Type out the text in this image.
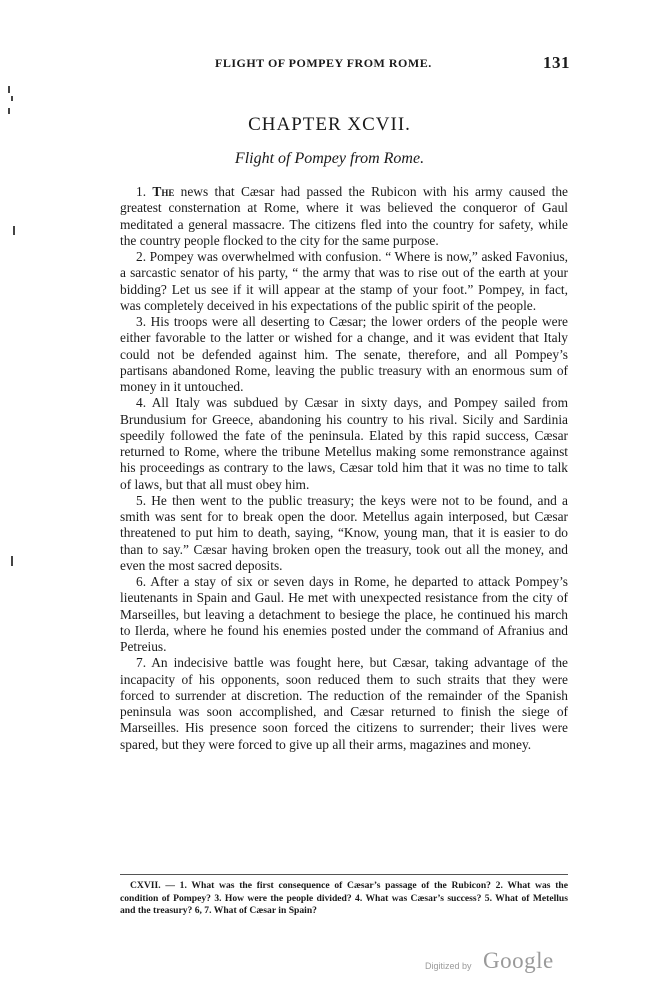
FLIGHT OF POMPEY FROM ROME.	131
CHAPTER XCVII.
Flight of Pompey from Rome.

1. The news that Cæsar had passed the Rubicon with his army caused the greatest consternation at Rome, where it was believed the conqueror of Gaul meditated a general massacre. The citizens fled into the country for safety, while the country people flocked to the city for the same purpose.

2. Pompey was overwhelmed with confusion. “ Where is now,” asked Favonius, a sarcastic senator of his party, “ the army that was to rise out of the earth at your bidding? Let us see if it will appear at the stamp of your foot.” Pompey, in fact, was completely deceived in his expectations of the public spirit of the people.

3. His troops were all deserting to Cæsar; the lower orders of the people were either favorable to the latter or wished for a change, and it was evident that Italy could not be defended against him. The senate, therefore, and all Pompey’s partisans abandoned Rome, leaving the public treasury with an enormous sum of money in it untouched.

4. All Italy was subdued by Cæsar in sixty days, and Pompey sailed from Brundusium for Greece, abandoning his country to his rival. Sicily and Sardinia speedily followed the fate of the peninsula. Elated by this rapid success, Cæsar returned to Rome, where the tribune Metellus making some remonstrance against his proceedings as contrary to the laws, Cæsar told him that it was no time to talk of laws, but that all must obey him.

5. He then went to the public treasury; the keys were not to be found, and a smith was sent for to break open the door. Metellus again interposed, but Cæsar threatened to put him to death, saying, “Know, young man, that it is easier to do than to say.” Cæsar having broken open the treasury, took out all the money, and even the most sacred deposits.

6. After a stay of six or seven days in Rome, he departed to attack Pompey’s lieutenants in Spain and Gaul. He met with unexpected resistance from the city of Marseilles, but leaving a detachment to besiege the place, he continued his march to Ilerda, where he found his enemies posted under the command of Afranius and Petreius.

7. An indecisive battle was fought here, but Cæsar, taking advantage of the incapacity of his opponents, soon reduced them to such straits that they were forced to surrender at discretion. The reduction of the remainder of the Spanish peninsula was soon accomplished, and Cæsar returned to finish the siege of Marseilles. His presence soon forced the citizens to surrender; their lives were spared, but they were forced to give up all their arms, magazines and money.

CXVII. — 1. What was the first consequence of Cæsar’s passage of the Rubicon? 2. What was the condition of Pompey? 3. How were the people divided? 4. What was Cæsar’s success? 5. What of Metellus and the treasury? 6, 7. What of Cæsar in Spain?

Digitized by Google
